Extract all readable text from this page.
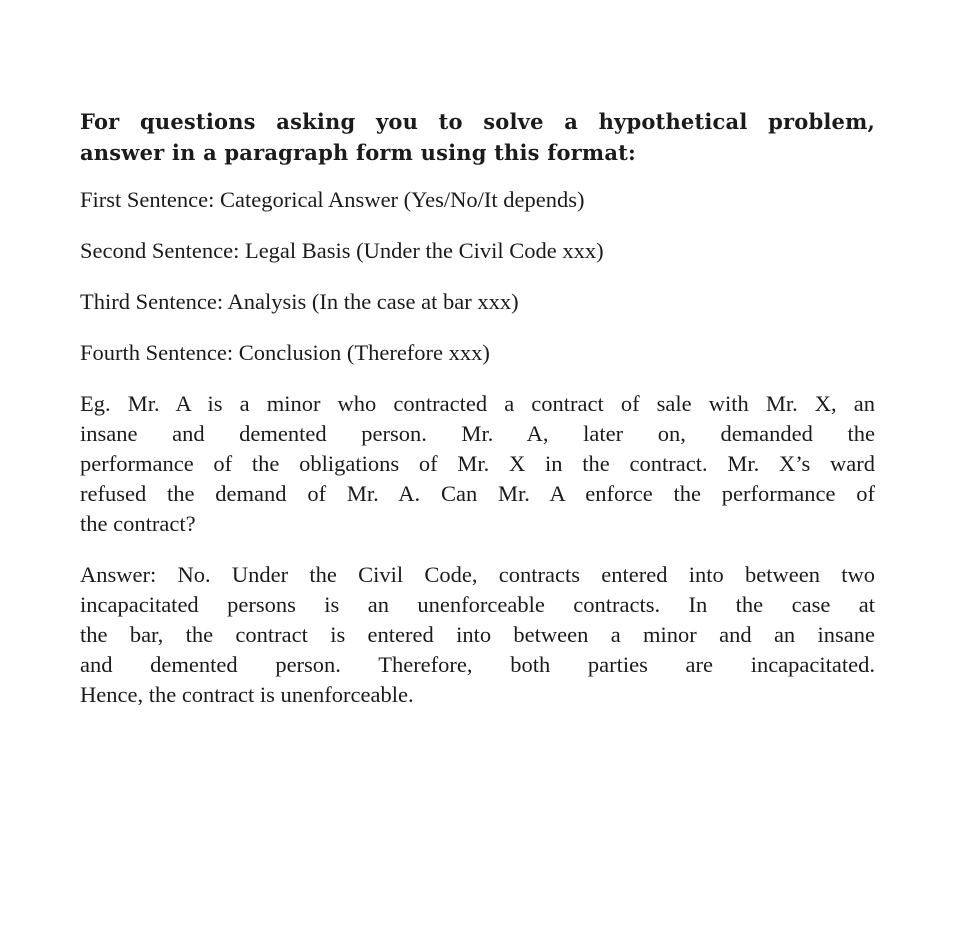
For questions asking you to solve a hypothetical problem,
answer in a paragraph form using this format:
First Sentence: Categorical Answer (Yes/No/It depends)
Second Sentence: Legal Basis (Under the Civil Code xxx)
Third Sentence: Analysis (In the case at bar xxx)
Fourth Sentence: Conclusion (Therefore xxx)
Eg. Mr. A is a minor who contracted a contract of sale with Mr. X, an
insane and demented person. Mr. A, later on, demanded the
performance of the obligations of Mr. X in the contract. Mr. X’s ward
refused the demand of Mr. A. Can Mr. A enforce the performance of
the contract?
Answer: No. Under the Civil Code, contracts entered into between two
incapacitated persons is an unenforceable contracts. In the case at
the bar, the contract is entered into between a minor and an insane
and demented person. Therefore, both parties are incapacitated.
Hence, the contract is unenforceable.
